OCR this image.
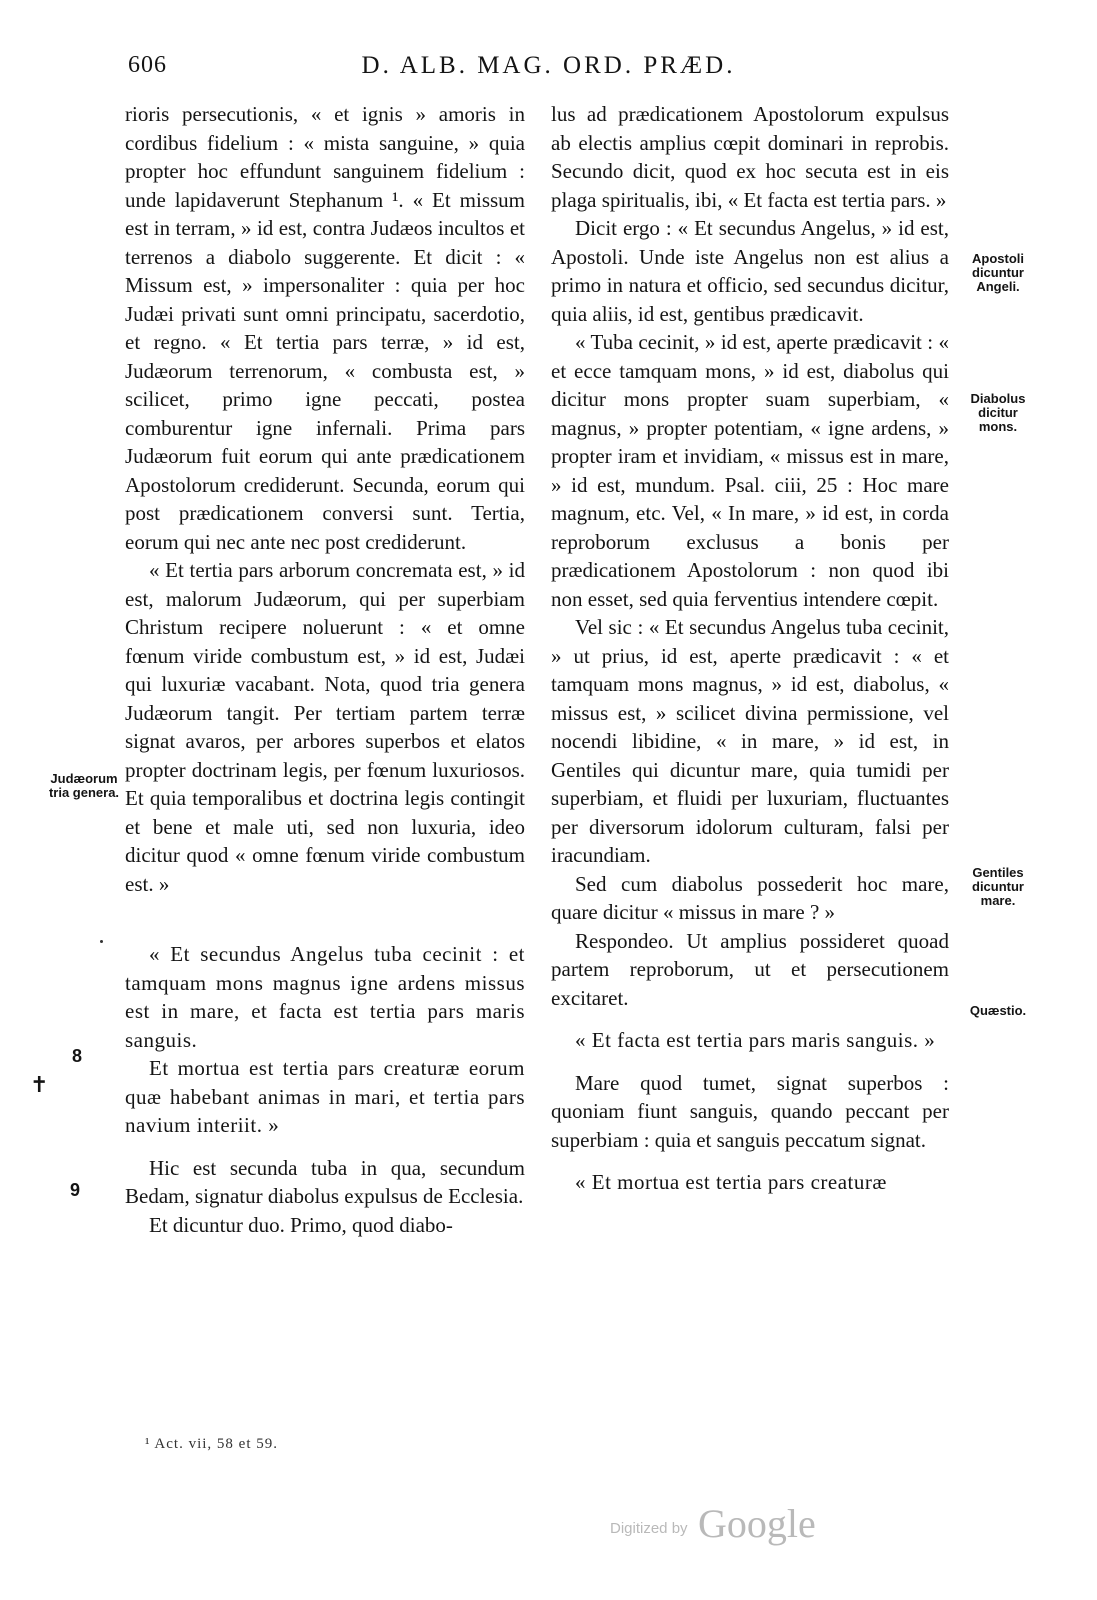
606	D. ALB. MAG. ORD. PRÆD.

rioris persecutionis, « et ignis » amoris in cordibus fidelium : « mista sanguine, » quia propter hoc effundunt sanguinem fidelium : unde lapidaverunt Stephanum ¹. « Et missum est in terram, » id est, contra Judæos incultos et terrenos a diabolo suggerente. Et dicit : « Missum est, » impersonaliter : quia per hoc Judæi privati sunt omni principatu, sacerdotio, et regno. « Et tertia pars terræ, » id est, Judæorum terrenorum, « combusta est, » scilicet, primo igne peccati, postea comburentur igne infernali. Prima pars Judæorum fuit eorum qui ante prædicationem Apostolorum crediderunt. Secunda, eorum qui post prædicationem conversi sunt. Tertia, eorum qui nec ante nec post crediderunt.

« Et tertia pars arborum concremata est, » id est, malorum Judæorum, qui per superbiam Christum recipere noluerunt : « et omne fœnum viride combustum est, » id est, Judæi qui luxuriæ vacabant. Nota, quod tria genera Judæorum tangit. Per tertiam partem terræ signat avaros, per arbores superbos et elatos propter doctrinam legis, per fœnum luxuriosos. Et quia temporalibus et doctrina legis contingit et bene et male uti, sed non luxuria, ideo dicitur quod « omne fœnum viride combustum est. »

« Et secundus Angelus tuba cecinit : et tamquam mons magnus igne ardens missus est in mare, et facta est tertia pars maris sanguis.

Et mortua est tertia pars creaturæ eorum quæ habebant animas in mari, et tertia pars navium interiit. »

Hic est secunda tuba in qua, secundum Bedam, signatur diabolus expulsus de Ecclesia.

Et dicuntur duo. Primo, quod diabo-

lus ad prædicationem Apostolorum expulsus ab electis amplius cœpit dominari in reprobis. Secundo dicit, quod ex hoc secuta est in eis plaga spiritualis, ibi, « Et facta est tertia pars. »

Dicit ergo : « Et secundus Angelus, » id est, Apostoli. Unde iste Angelus non est alius a primo in natura et officio, sed secundus dicitur, quia aliis, id est, gentibus prædicavit.

« Tuba cecinit, » id est, aperte prædicavit : « et ecce tamquam mons, » id est, diabolus qui dicitur mons propter suam superbiam, « magnus, » propter potentiam, « igne ardens, » propter iram et invidiam, « missus est in mare, » id est, mundum. Psal. ciii, 25 : Hoc mare magnum, etc. Vel, « In mare, » id est, in corda reproborum exclusus a bonis per prædicationem Apostolorum : non quod ibi non esset, sed quia ferventius intendere cœpit.

Vel sic : « Et secundus Angelus tuba cecinit, » ut prius, id est, aperte prædicavit : « et tamquam mons magnus, » id est, diabolus, « missus est, » scilicet divina permissione, vel nocendi libidine, « in mare, » id est, in Gentiles qui dicuntur mare, quia tumidi per superbiam, et fluidi per luxuriam, fluctuantes per diversorum idolorum culturam, falsi per iracundiam.

Sed cum diabolus possederit hoc mare, quare dicitur « missus in mare ? »

Respondeo. Ut amplius possideret quoad partem reproborum, ut et persecutionem excitaret.

« Et facta est tertia pars maris sanguis. »

Mare quod tumet, signat superbos : quoniam fiunt sanguis, quando peccant per superbiam : quia et sanguis peccatum signat.

« Et mortua est tertia pars creaturæ

Judæorum tria genera.
Apostoli dicuntur Angeli.
Diabolus dicitur mons.
Gentiles dicuntur mare.
Quæstio.
8
9
✝
¹ Act. vii, 58 et 59.
Digitized by Google
